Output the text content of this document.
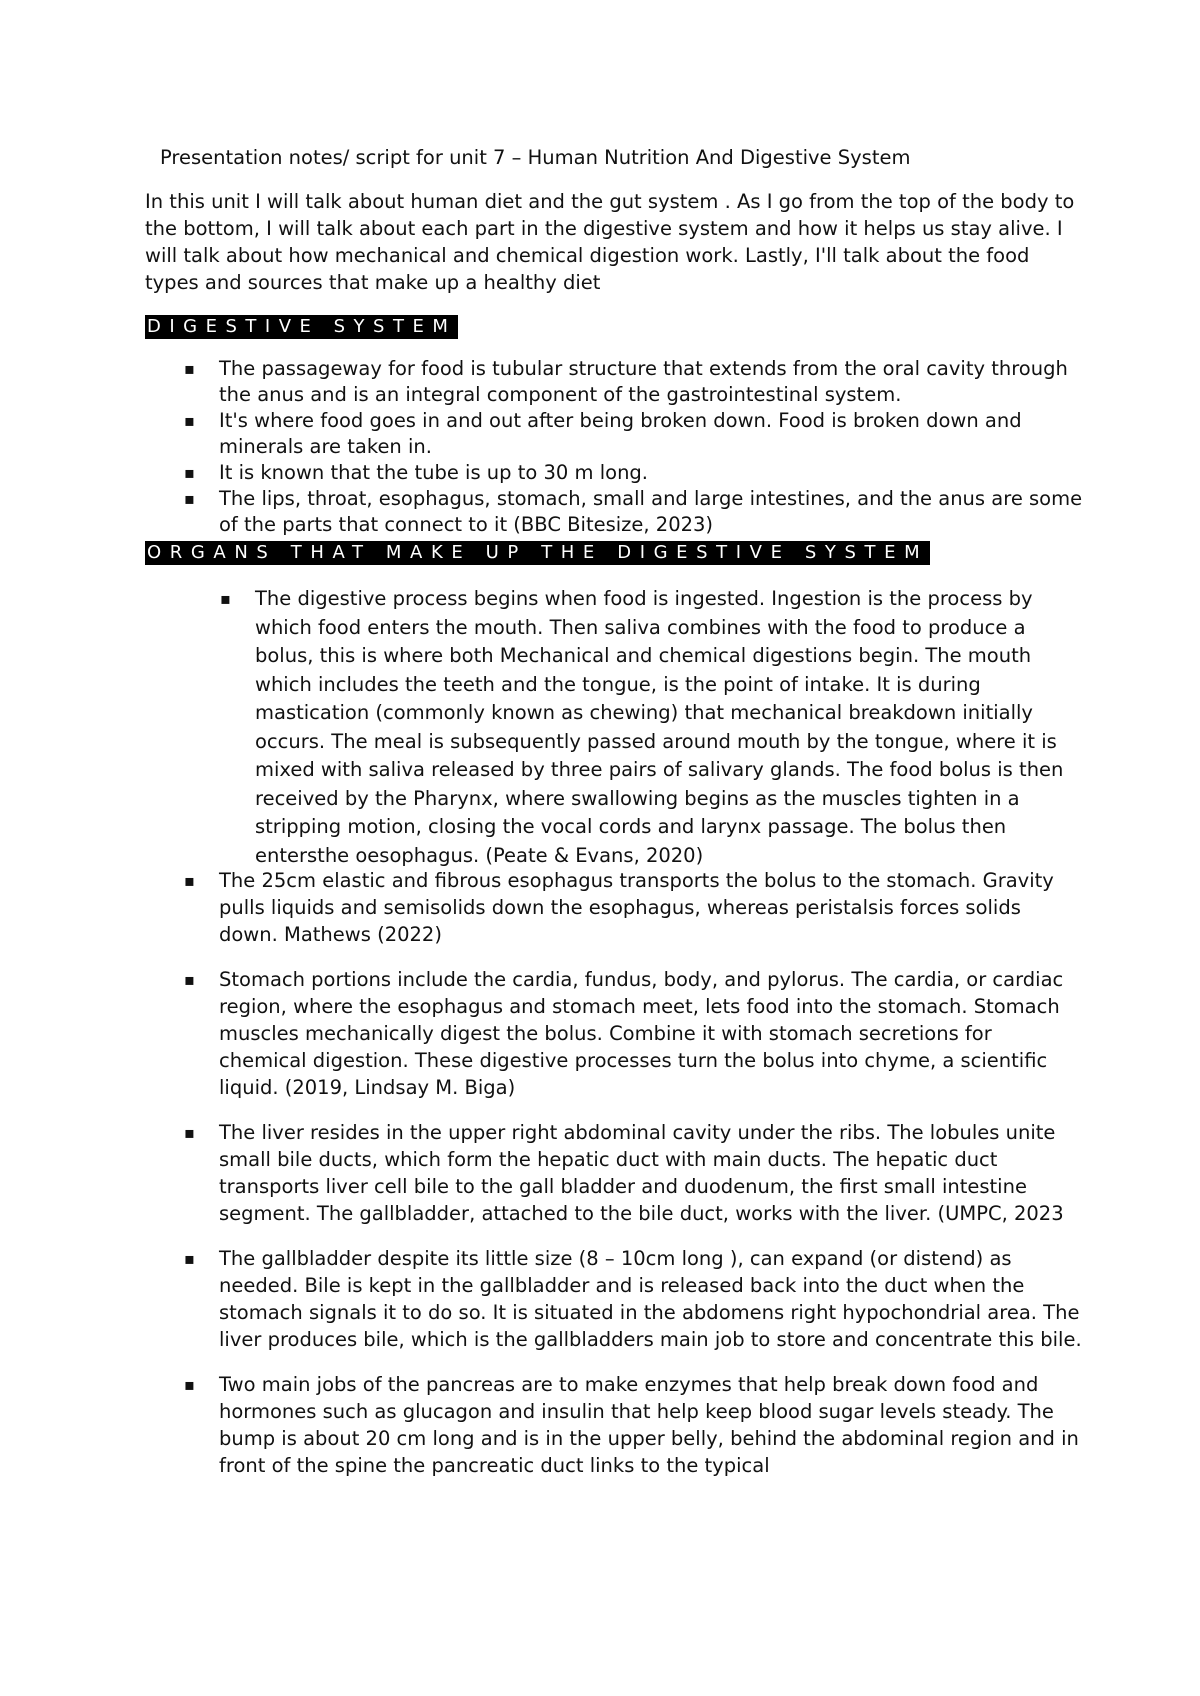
Presentation notes/ script for unit 7 – Human Nutrition And Digestive System
In this unit I will talk about human diet and the gut system . As I go from the top of the body to the bottom, I will talk about each part in the digestive system and how it helps us stay alive. I will talk about how mechanical and chemical digestion work. Lastly, I'll talk about the food types and sources that make up a healthy diet
DIGESTIVE SYSTEM
▪	The passageway for food is tubular structure that extends from the oral cavity through the anus and is an integral component of the gastrointestinal system.
▪	It's where food goes in and out after being broken down. Food is broken down and minerals are taken in.
▪	It is known that the tube is up to 30 m long.
▪	The lips, throat, esophagus, stomach, small and large intestines, and the anus are some of the parts that connect to it (BBC Bitesize, 2023)
ORGANS THAT MAKE UP THE DIGESTIVE SYSTEM
▪	The digestive process begins when food is ingested. Ingestion is the process by which food enters the mouth. Then saliva combines with the food to produce a bolus, this is where both Mechanical and chemical digestions begin. The mouth which includes the teeth and the tongue, is the point of intake. It is during mastication (commonly known as chewing) that mechanical breakdown initially occurs. The meal is subsequently passed around mouth by the tongue, where it is mixed with saliva released by three pairs of salivary glands. The food bolus is then received by the Pharynx, where swallowing begins as the muscles tighten in a stripping motion, closing the vocal cords and larynx passage. The bolus then entersthe oesophagus. (Peate & Evans, 2020)
▪	The 25cm elastic and fibrous esophagus transports the bolus to the stomach. Gravity pulls liquids and semisolids down the esophagus, whereas peristalsis forces solids down. Mathews (2022)
▪	Stomach portions include the cardia, fundus, body, and pylorus. The cardia, or cardiac region, where the esophagus and stomach meet, lets food into the stomach. Stomach muscles mechanically digest the bolus. Combine it with stomach secretions for chemical digestion. These digestive processes turn the bolus into chyme, a scientific liquid. (2019, Lindsay M. Biga)
▪	The liver resides in the upper right abdominal cavity under the ribs. The lobules unite small bile ducts, which form the hepatic duct with main ducts. The hepatic duct transports liver cell bile to the gall bladder and duodenum, the first small intestine segment. The gallbladder, attached to the bile duct, works with the liver. (UMPC, 2023
▪	The gallbladder despite its little size (8 – 10cm long ), can expand (or distend) as needed. Bile is kept in the gallbladder and is released back into the duct when the stomach signals it to do so. It is situated in the abdomens right hypochondrial area. The liver produces bile, which is the gallbladders main job to store and concentrate this bile.
▪	Two main jobs of the pancreas are to make enzymes that help break down food and hormones such as glucagon and insulin that help keep blood sugar levels steady. The bump is about 20 cm long and is in the upper belly, behind the abdominal region and in front of the spine the pancreatic duct links to the typical
